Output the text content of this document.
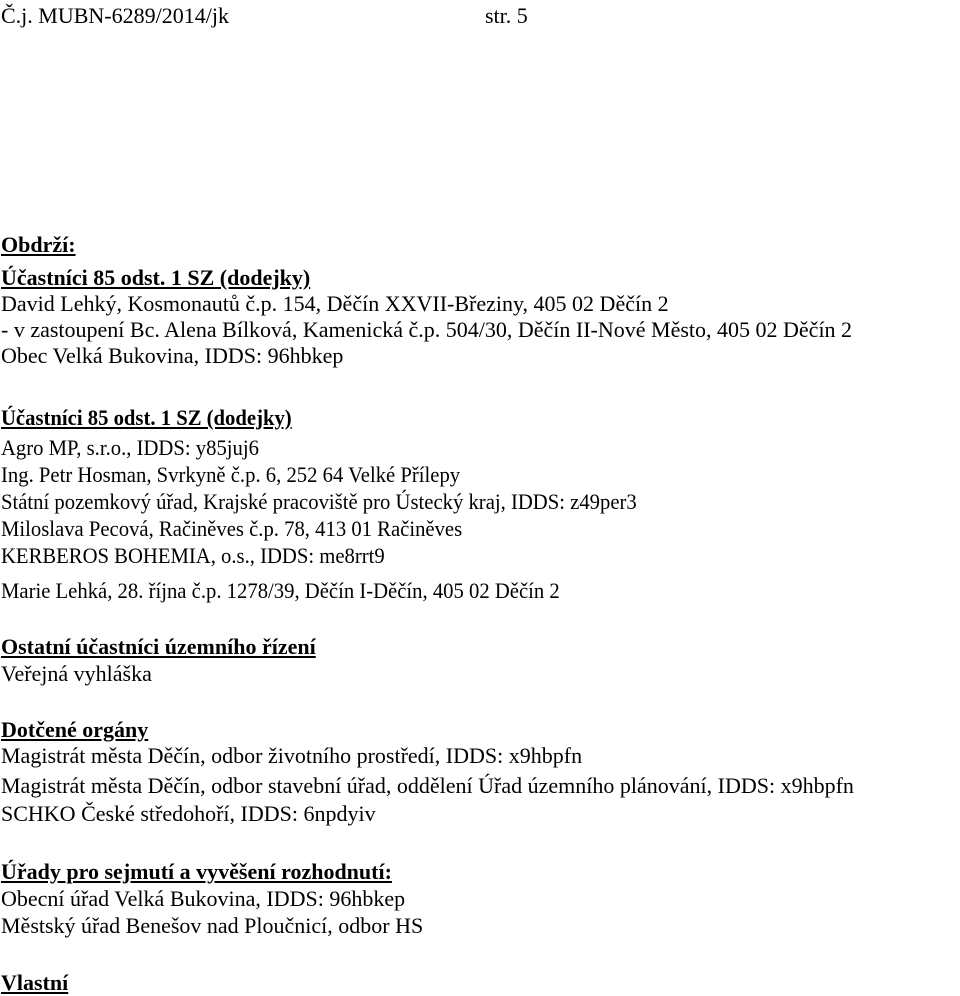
Č.j. MUBN-6289/2014/jk	str. 5
Obdrží:
Účastníci 85 odst. 1 SZ (dodejky)
David Lehký, Kosmonautů č.p. 154, Děčín XXVII-Březiny, 405 02 Děčín 2
- v zastoupení Bc. Alena Bílková, Kamenická č.p. 504/30, Děčín II-Nové Město, 405 02 Děčín 2
Obec Velká Bukovina, IDDS: 96hbkep
Účastníci 85 odst. 1 SZ (dodejky)
Agro MP, s.r.o., IDDS: y85juj6
Ing. Petr Hosman, Svrkyně č.p. 6, 252 64 Velké Přílepy
Státní pozemkový úřad, Krajské pracoviště pro Ústecký kraj, IDDS: z49per3
Miloslava Pecová, Račiněves č.p. 78, 413 01 Račiněves
KERBEROS BOHEMIA, o.s., IDDS: me8rrt9
Marie Lehká, 28. října č.p. 1278/39, Děčín I-Děčín, 405 02 Děčín 2
Ostatní účastníci územního řízení
Veřejná vyhláška
Dotčené orgány
Magistrát města Děčín, odbor životního prostředí, IDDS: x9hbpfn
Magistrát města Děčín, odbor stavební úřad, oddělení Úřad územního plánování, IDDS: x9hbpfn
SCHKO České středohoří, IDDS: 6npdyiv
Úřady pro sejmutí a vyvěšení rozhodnutí:
Obecní úřad Velká Bukovina, IDDS: 96hbkep
Městský úřad Benešov nad Ploučnicí, odbor HS
Vlastní
